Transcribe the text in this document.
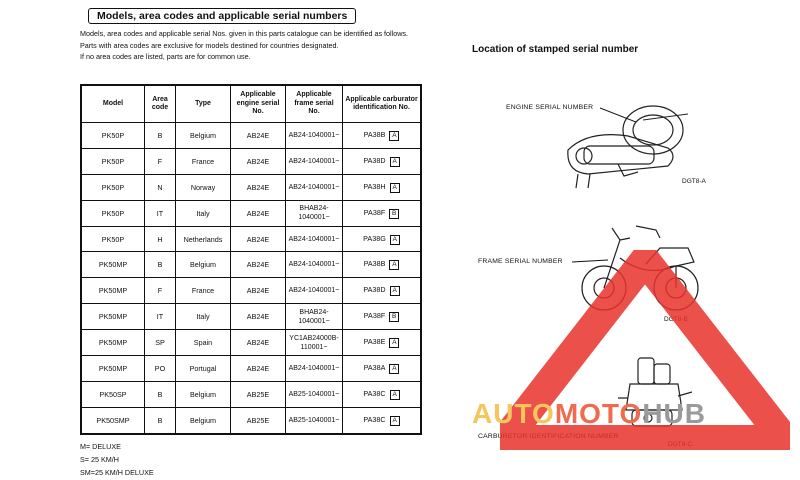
Models, area codes and applicable serial numbers
Models, area codes and applicable serial Nos. given in this parts catalogue can be identified as follows.
Parts with area codes are exclusive for models destined for countries designated.
If no area codes are listed, parts are for common use.
Model	Area code	Type	Applicable engine serial No.	Applicable frame serial No.	Applicable carburator identification No.
PK50P	B	Belgium	AB24E	AB24-1040001~	PA38B A
PK50P	F	France	AB24E	AB24-1040001~	PA38D A
PK50P	N	Norway	AB24E	AB24-1040001~	PA38H A
PK50P	IT	Italy	AB24E	BHAB24-1040001~	PA38F B
PK50P	H	Netherlands	AB24E	AB24-1040001~	PA38G A
PK50MP	B	Belgium	AB24E	AB24-1040001~	PA38B A
PK50MP	F	France	AB24E	AB24-1040001~	PA38D A
PK50MP	IT	Italy	AB24E	BHAB24-1040001~	PA38F B
PK50MP	SP	Spain	AB24E	YC1AB24000B-110001~	PA38E A
PK50MP	PO	Portugal	AB24E	AB24-1040001~	PA38A A
PK50SP	B	Belgium	AB25E	AB25-1040001~	PA38C A
PK50SMP	B	Belgium	AB25E	AB25-1040001~	PA38C A
M= DELUXE
S= 25 KM/H
SM=25 KM/H DELUXE
Location of stamped serial number
ENGINE SERIAL NUMBER
DGT8-A
FRAME SERIAL NUMBER
DGT8-B
CARBURETOR IDENTIFICATION NUMBER
DGT8-C
AUTOMOTOHUB
